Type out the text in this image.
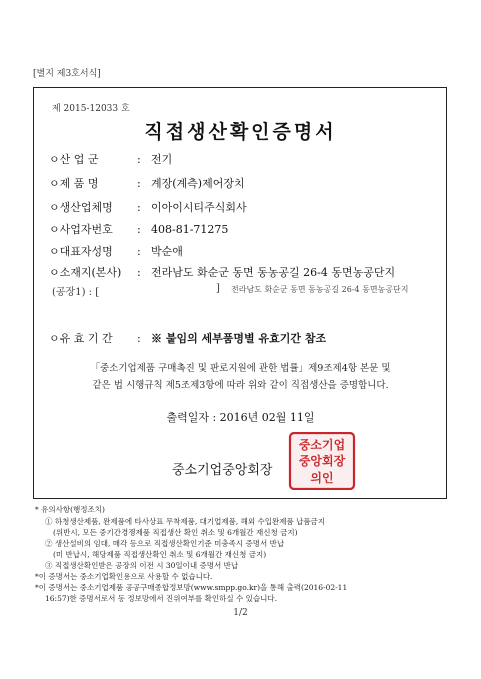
[별지 제3호서식]
제 2015-12033 호
직접생산확인증명서
ㅇ산 업 군	: 전기
ㅇ제 품 명	: 계장(계측)제어장치
ㅇ생산업체명 : 이아이시티주식회사
ㅇ사업자번호 : 408-81-71275
ㅇ대표자성명 : 박순애
ㅇ소재지(본사) : 전라남도 화순군 동면 동농공길 26-4 동면농공단지
(공장1) : [	] 전라남도 화순군 동면 동농공길 26-4 동면농공단지
ㅇ유 효 기 간 : ※ 붙임의 세부품명별 유효기간 참조
「중소기업제품 구매촉진 및 판로지원에 관한 법률」제9조제4항 본문 및
같은 법 시행규칙 제5조제3항에 따라 위와 같이 직접생산을 증명합니다.
출력일자 : 2016년 02월 11일
중소기업중앙회장
중소기업
중앙회장
의인
* 유의사항(행정조치)
① 하청생산제품, 완제품에 타사상표 무착제품, 대기업제품, 해외 수입완제품 납품금지
(위반시, 모든 중기간경쟁제품 직접생산 확인 취소 및 6개월간 재신청 금지)
② 생산설비의 임대, 매각 등으로 직접생산확인기준 미충족시 증명서 반납
(미 반납시, 해당제품 직접생산확인 취소 및 6개월간 재신청 금지)
③ 직접생산확인받은 공장의 이전 시 30일이내 증명서 반납
*이 증명서는 중소기업확인용으로 사용할 수 없습니다.
*이 증명서는 중소기업제품 공공구매종합정보망(www.smpp.go.kr)을 통해 출력(2016-02-11
16:57)한 증명서로서 동 정보망에서 진위여부를 확인하실 수 있습니다.
1/2
